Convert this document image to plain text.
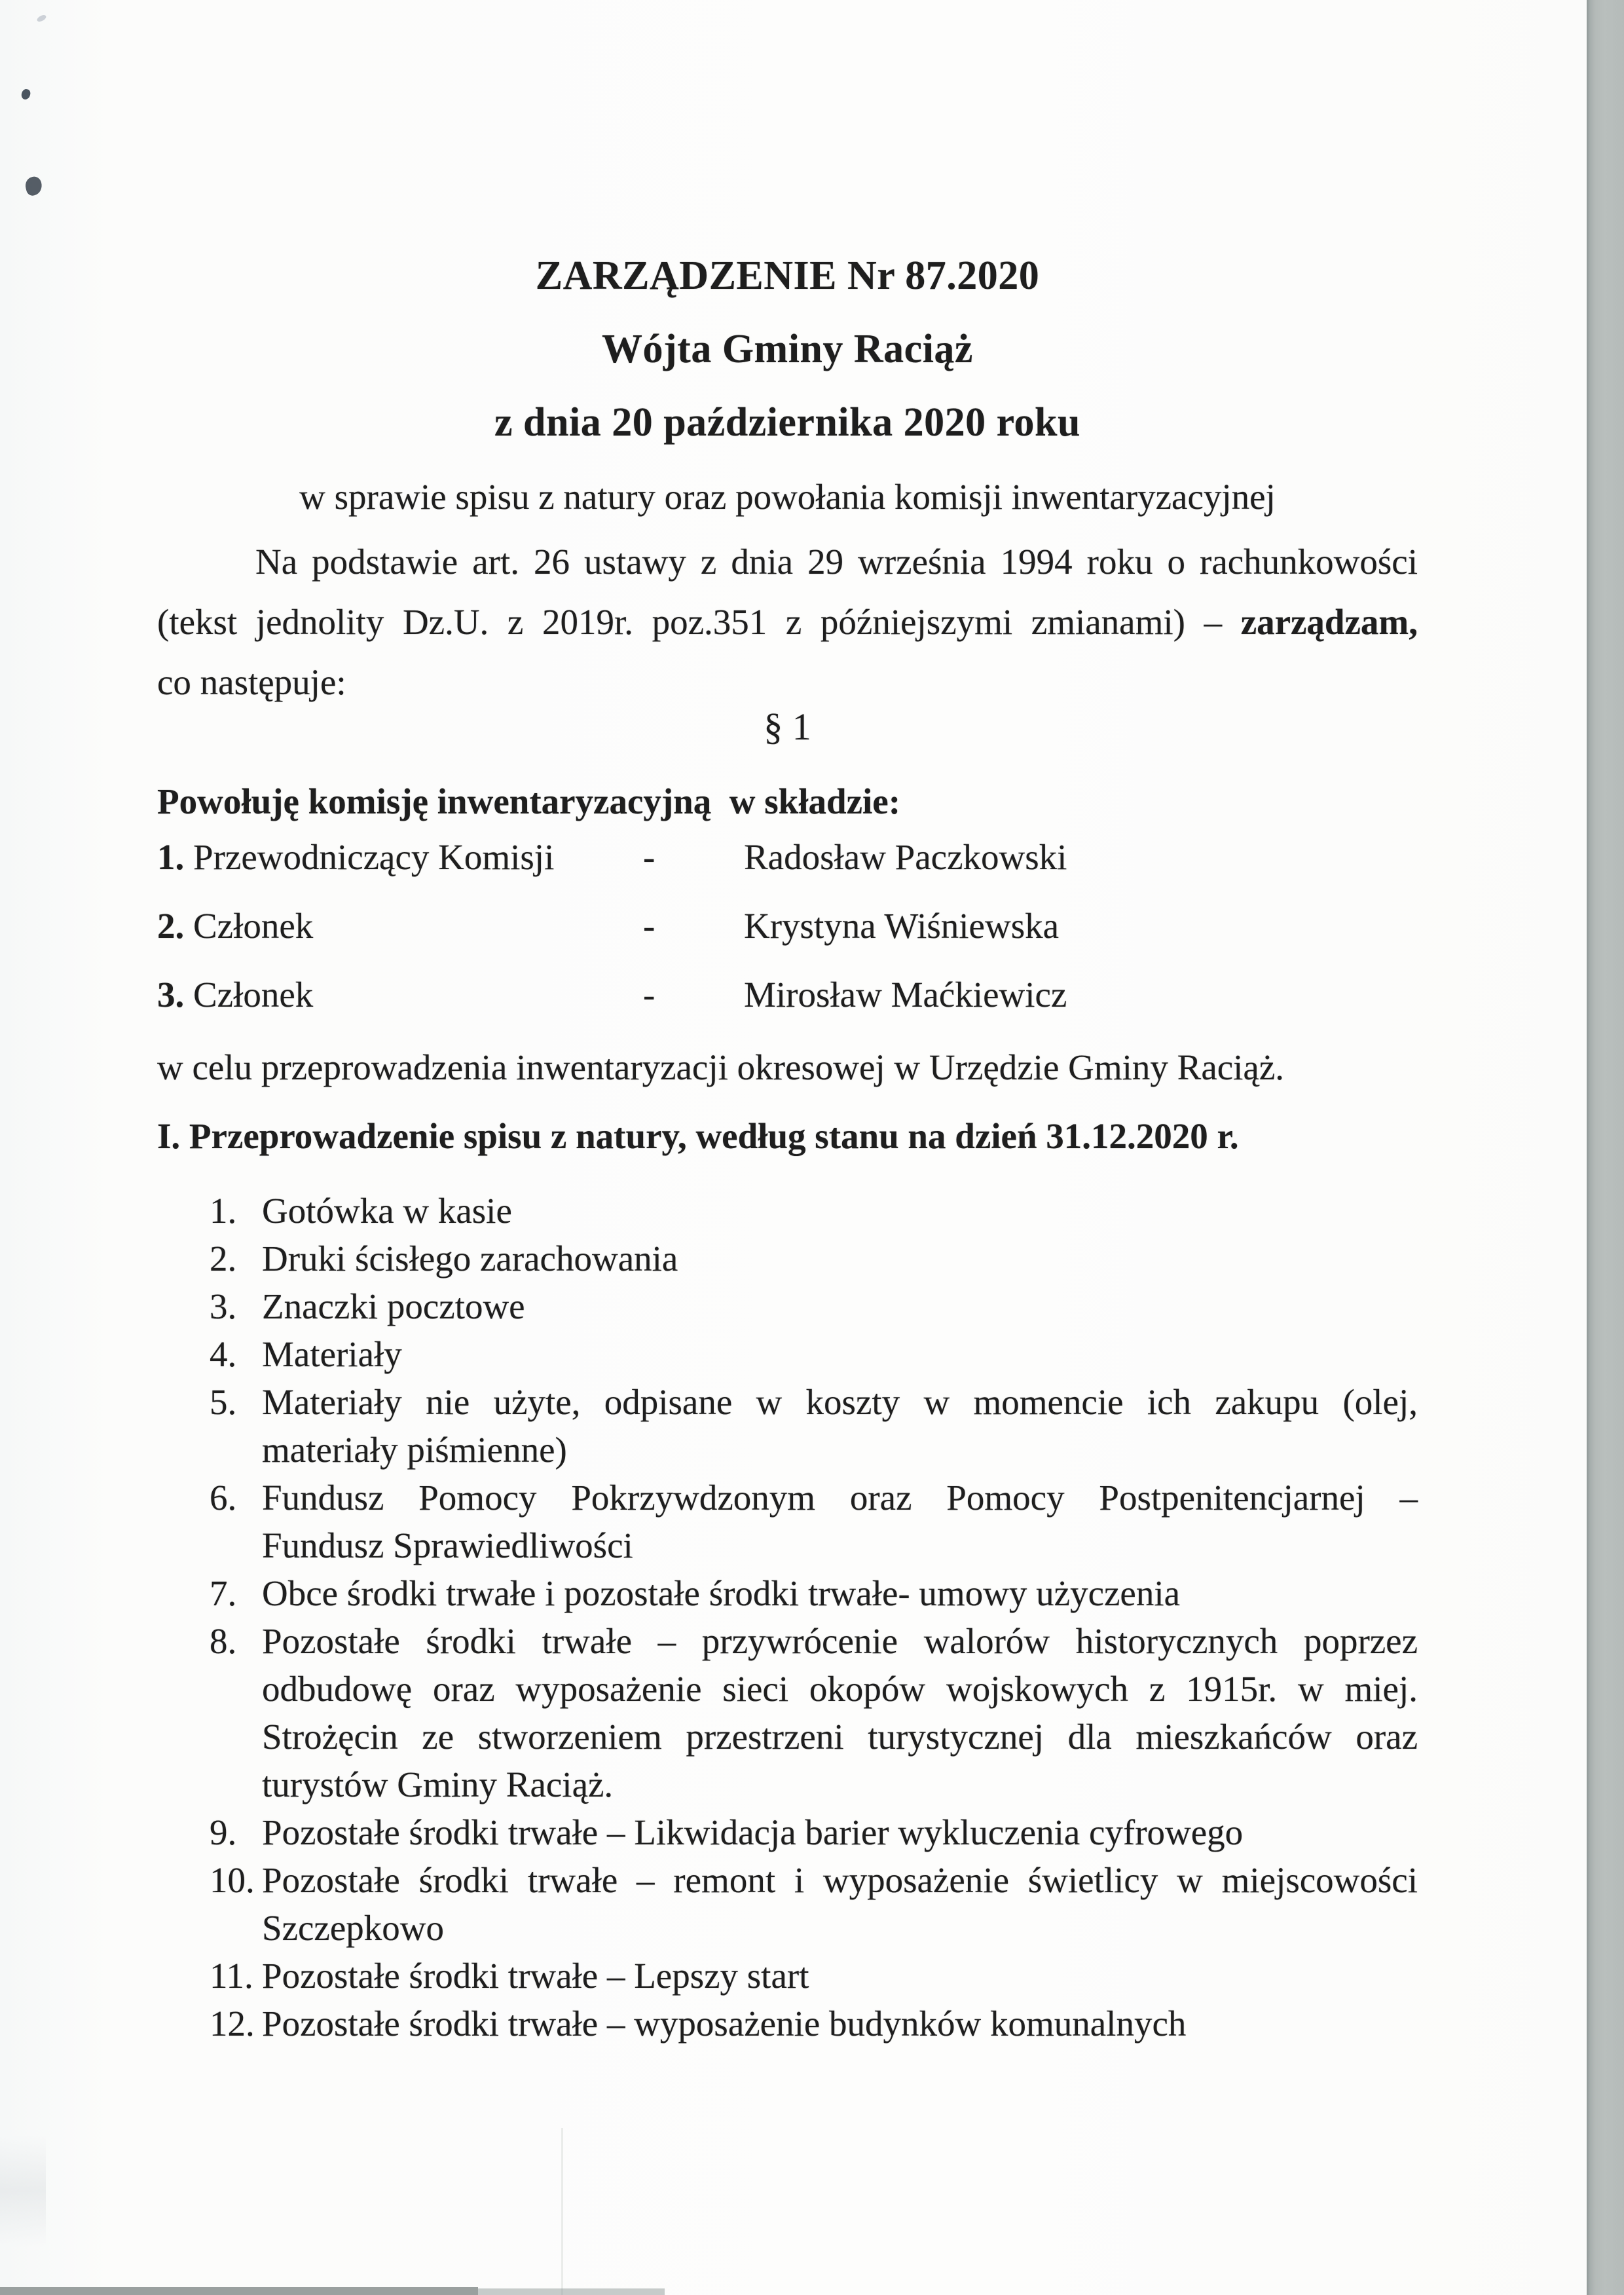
ZARZĄDZENIE Nr 87.2020
Wójta Gminy Raciąż
z dnia 20 października 2020 roku
w sprawie spisu z natury oraz powołania komisji inwentaryzacyjnej
Na podstawie art. 26 ustawy z dnia 29 września 1994 roku o rachunkowości
(tekst jednolity Dz.U. z 2019r. poz.351 z późniejszymi zmianami) – zarządzam,
co następuje:
§ 1
Powołuję komisję inwentaryzacyjną  w składzie:
1. Przewodniczący Komisji - Radosław Paczkowski
2. Członek	- Krystyna Wiśniewska
3. Członek	- Mirosław Maćkiewicz
w celu przeprowadzenia inwentaryzacji okresowej w Urzędzie Gminy Raciąż.
I. Przeprowadzenie spisu z natury, według stanu na dzień 31.12.2020 r.
1. Gotówka w kasie
2. Druki ścisłego zarachowania
3. Znaczki pocztowe
4. Materiały
5. Materiały nie użyte, odpisane w koszty w momencie ich zakupu (olej,
materiały piśmienne)
6. Fundusz Pomocy Pokrzywdzonym oraz Pomocy Postpenitencjarnej –
Fundusz Sprawiedliwości
7. Obce środki trwałe i pozostałe środki trwałe- umowy użyczenia
8. Pozostałe środki trwałe – przywrócenie walorów historycznych poprzez
odbudowę oraz wyposażenie sieci okopów wojskowych z 1915r. w miej.
Strożęcin ze stworzeniem przestrzeni turystycznej dla mieszkańców oraz
turystów Gminy Raciąż.
9. Pozostałe środki trwałe – Likwidacja barier wykluczenia cyfrowego
10. Pozostałe środki trwałe – remont i wyposażenie świetlicy w miejscowości
Szczepkowo
11. Pozostałe środki trwałe – Lepszy start
12. Pozostałe środki trwałe – wyposażenie budynków komunalnych
